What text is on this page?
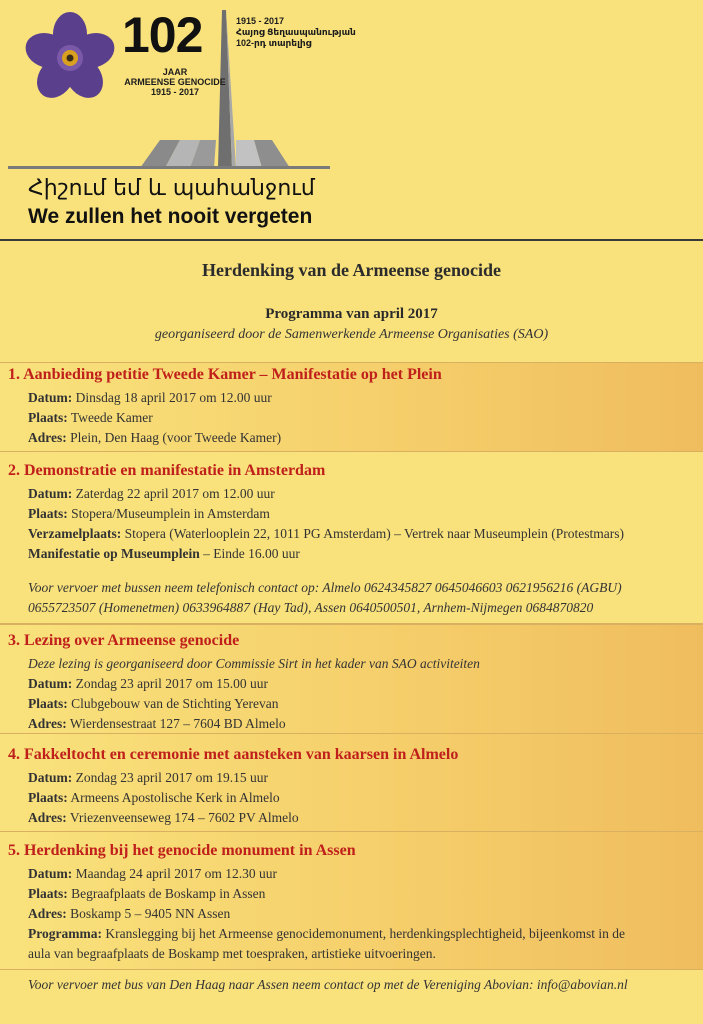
102
JAAR
ARMEENSE GENOCIDE
1915 - 2017
1915 - 2017
Հայոց Ցեղասպանության
102-րդ տարելից
Հիշում եմ և պահանջում
We zullen het nooit vergeten
Herdenking van de Armeense genocide
Programma van april 2017
georganiseerd door de Samenwerkende Armeense Organisaties (SAO)
1. Aanbieding petitie Tweede Kamer – Manifestatie op het Plein
Datum: Dinsdag 18 april 2017 om 12.00 uur
Plaats: Tweede Kamer
Adres: Plein, Den Haag (voor Tweede Kamer)
2. Demonstratie en manifestatie in Amsterdam
Datum: Zaterdag 22 april 2017 om 12.00 uur
Plaats: Stopera/Museumplein in Amsterdam
Verzamelplaats: Stopera (Waterlooplein 22, 1011 PG Amsterdam) – Vertrek naar Museumplein (Protestmars)
Manifestatie op Museumplein – Einde 16.00 uur
Voor vervoer met bussen neem telefonisch contact op: Almelo 0624345827 0645046603 0621956216 (AGBU)
0655723507 (Homenetmen) 0633964887 (Hay Tad), Assen 0640500501, Arnhem-Nijmegen 0684870820
3. Lezing over Armeense genocide
Deze lezing is georganiseerd door Commissie Sirt in het kader van SAO activiteiten
Datum: Zondag 23 april 2017 om 15.00 uur
Plaats: Clubgebouw van de Stichting Yerevan
Adres: Wierdensestraat 127 – 7604 BD Almelo
4. Fakkeltocht en ceremonie met aansteken van kaarsen in Almelo
Datum: Zondag 23 april 2017 om 19.15 uur
Plaats: Armeens Apostolische Kerk in Almelo
Adres: Vriezenveenseweg 174 – 7602 PV Almelo
5. Herdenking bij het genocide monument in Assen
Datum: Maandag 24 april 2017 om 12.30 uur
Plaats: Begraafplaats de Boskamp in Assen
Adres: Boskamp 5 – 9405 NN Assen
Programma: Kranslegging bij het Armeense genocidemonument, herdenkingsplechtigheid, bijeenkomst in de
aula van begraafplaats de Boskamp met toespraken, artistieke uitvoeringen.
Voor vervoer met bus van Den Haag naar Assen neem contact op met de Vereniging Abovian: info@abovian.nl
